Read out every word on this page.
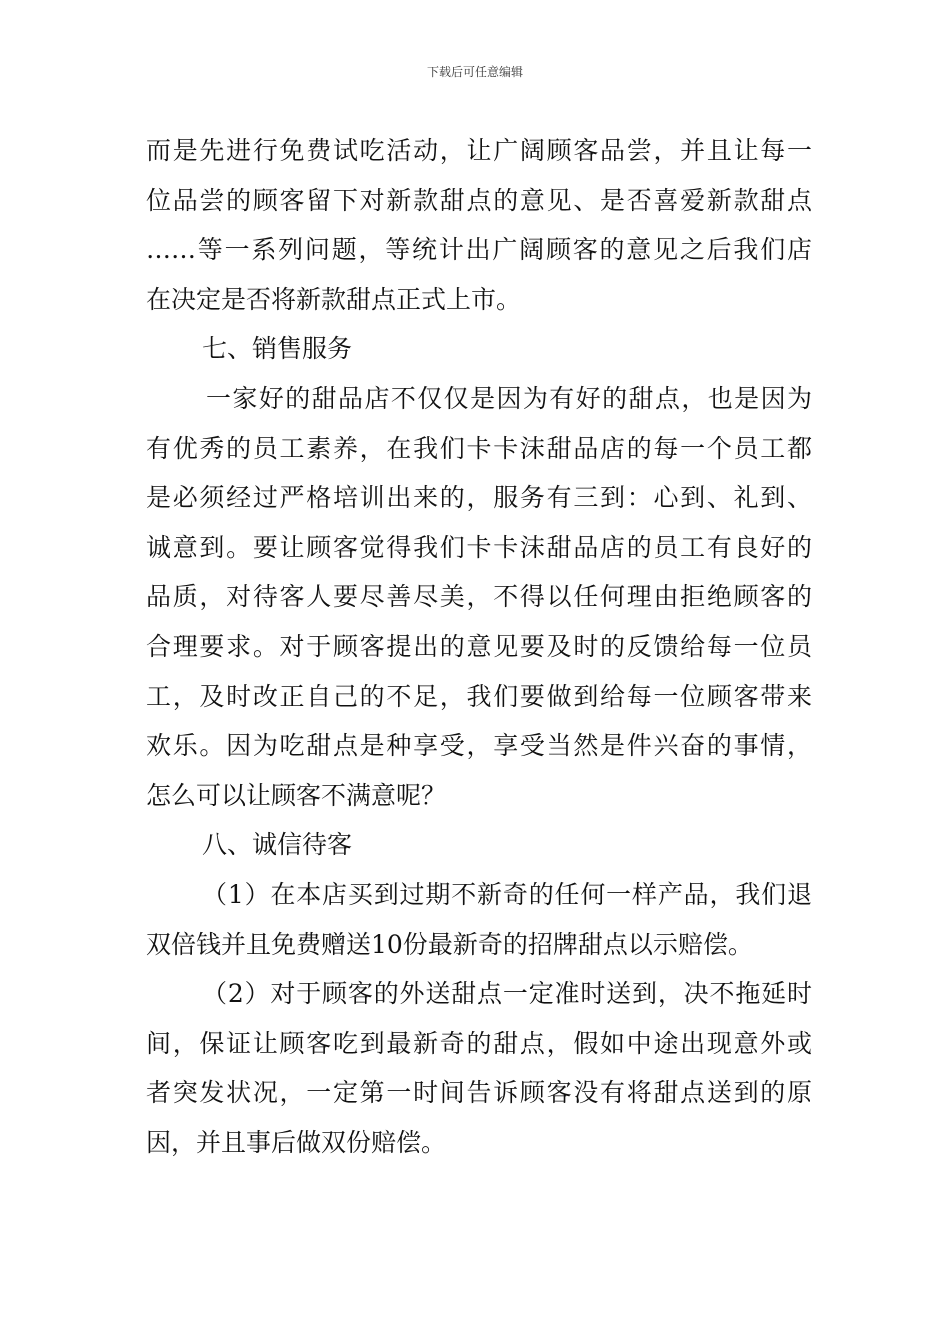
下载后可任意编辑
而是先进行免费试吃活动，让广阔顾客品尝，并且让每一
位品尝的顾客留下对新款甜点的意见、是否喜爱新款甜点
……等一系列问题，等统计出广阔顾客的意见之后我们店
在决定是否将新款甜点正式上市。
七、销售服务
一家好的甜品店不仅仅是因为有好的甜点，也是因为
有优秀的员工素养，在我们卡卡沫甜品店的每一个员工都
是必须经过严格培训出来的，服务有三到：心到、礼到、
诚意到。要让顾客觉得我们卡卡沫甜品店的员工有良好的
品质，对待客人要尽善尽美，不得以任何理由拒绝顾客的
合理要求。对于顾客提出的意见要及时的反馈给每一位员
工，及时改正自己的不足，我们要做到给每一位顾客带来
欢乐。因为吃甜点是种享受，享受当然是件兴奋的事情，
怎么可以让顾客不满意呢？
八、诚信待客
（1）在本店买到过期不新奇的任何一样产品，我们退
双倍钱并且免费赠送10份最新奇的招牌甜点以示赔偿。
（2）对于顾客的外送甜点一定准时送到，决不拖延时
间，保证让顾客吃到最新奇的甜点，假如中途出现意外或
者突发状况，一定第一时间告诉顾客没有将甜点送到的原
因，并且事后做双份赔偿。
